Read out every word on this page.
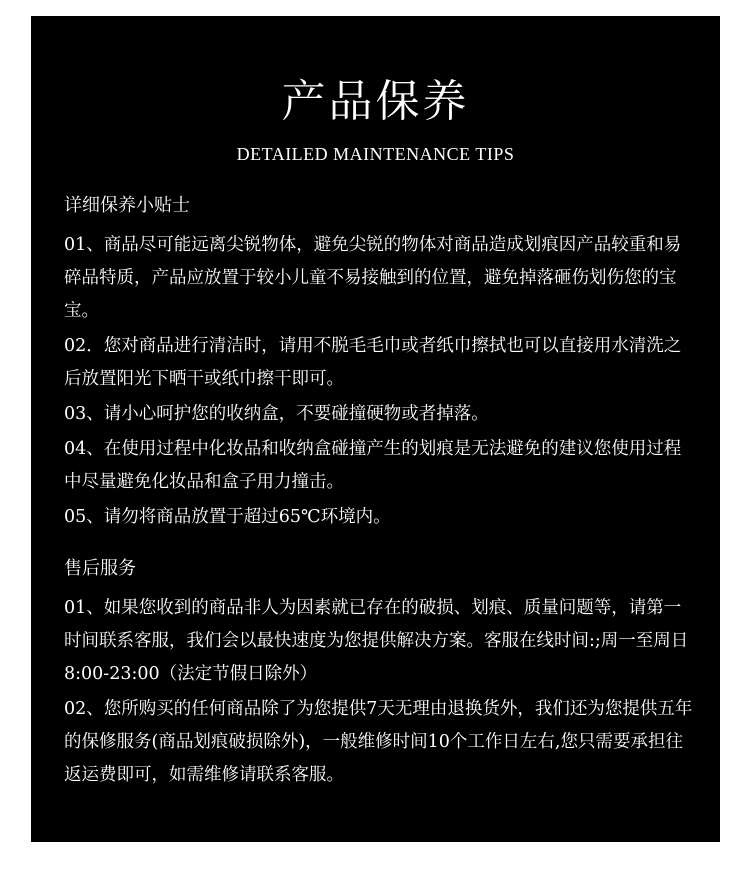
产品保养
DETAILED MAINTENANCE TIPS

详细保养小贴士

01、商品尽可能远离尖锐物体，避免尖锐的物体对商品造成划痕因产品较重和易碎品特质，产品应放置于较小儿童不易接触到的位置，避免掉落砸伤划伤您的宝宝。

02．您对商品进行清洁时，请用不脱毛毛巾或者纸巾擦拭也可以直接用水清洗之后放置阳光下晒干或纸巾擦干即可。

03、请小心呵护您的收纳盒，不要碰撞硬物或者掉落。

04、在使用过程中化妆品和收纳盒碰撞产生的划痕是无法避免的建议您使用过程中尽量避免化妆品和盒子用力撞击。

05、请勿将商品放置于超过65℃环境内。

售后服务

01、如果您收到的商品非人为因素就已存在的破损、划痕、质量问题等，请第一时间联系客服，我们会以最快速度为您提供解决方案。客服在线时间:;周一至周日8:00-23:00（法定节假日除外）

02、您所购买的任何商品除了为您提供7天无理由退换货外，我们还为您提供五年的保修服务(商品划痕破损除外)，一般维修时间10个工作日左右,您只需要承担往返运费即可，如需维修请联系客服。
